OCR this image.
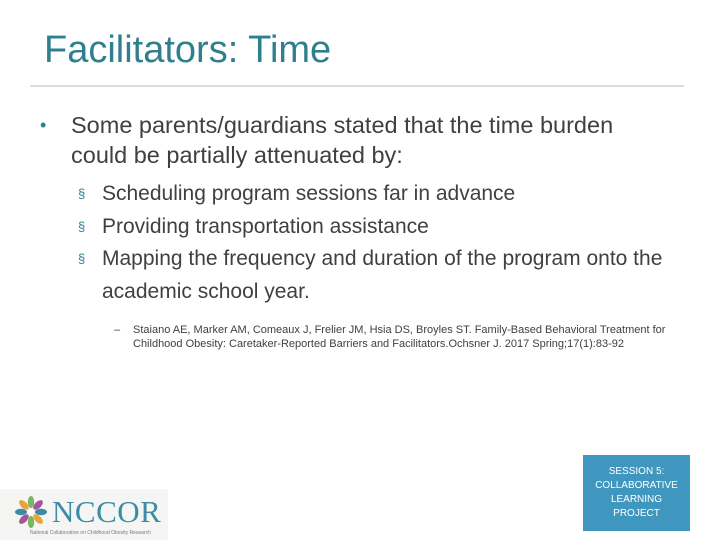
Facilitators: Time
•	Some parents/guardians stated that the time burden could be partially attenuated by:
§ Scheduling program sessions far in advance
§ Providing transportation assistance
§ Mapping the frequency and duration of the program onto the academic school year.
–	Staiano AE, Marker AM, Comeaux J, Frelier JM, Hsia DS, Broyles ST. Family-Based Behavioral Treatment for Childhood Obesity: Caretaker-Reported Barriers and Facilitators.Ochsner J. 2017 Spring;17(1):83-92
NCCOR
National Collaborative on Childhood Obesity Research
SESSION 5:
COLLABORATIVE
LEARNING
PROJECT
